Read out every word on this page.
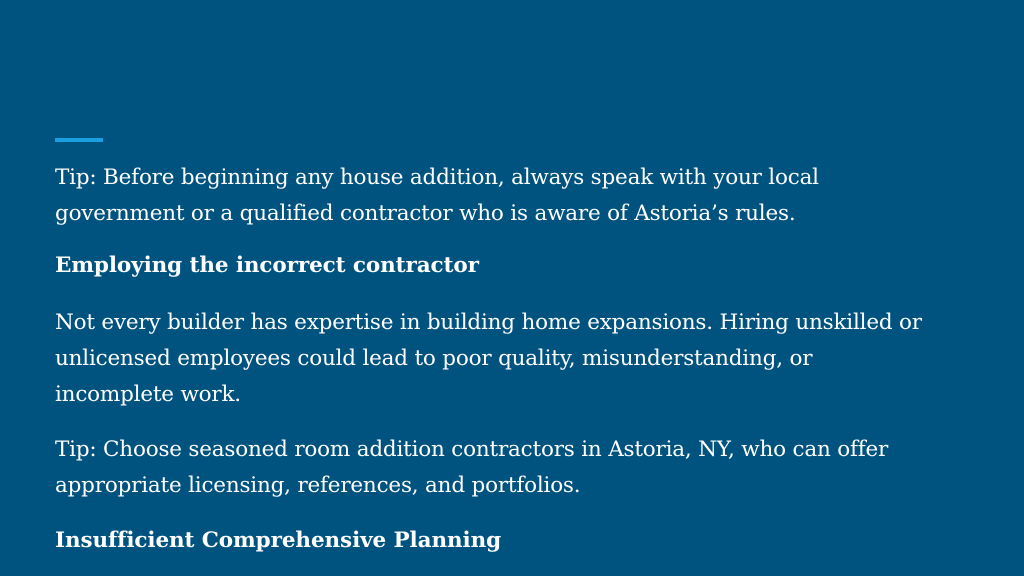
Tip: Before beginning any house addition, always speak with your local
government or a qualified contractor who is aware of Astoria’s rules.

Employing the incorrect contractor

Not every builder has expertise in building home expansions. Hiring unskilled or
unlicensed employees could lead to poor quality, misunderstanding, or
incomplete work.

Tip: Choose seasoned room addition contractors in Astoria, NY, who can offer
appropriate licensing, references, and portfolios.

Insufficient Comprehensive Planning
